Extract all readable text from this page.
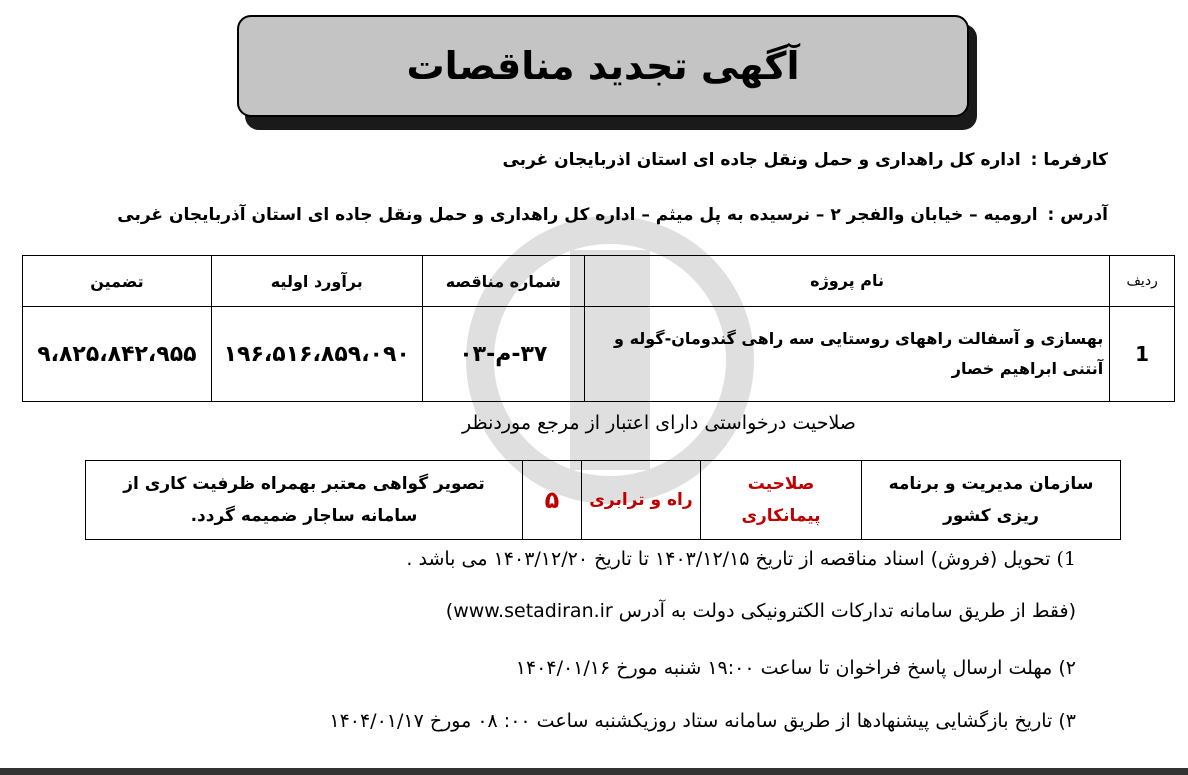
آگهی تجدید مناقصات
کارفرما : اداره کل راهداری و حمل ونقل جاده ای استان اذربایجان غربی
آدرس : ارومیه – خیابان والفجر ۲ – نرسیده به پل میثم – اداره کل راهداری و حمل ونقل جاده ای استان آذربایجان غربی
ردیف	نام پروژه	شماره مناقصه	برآورد اولیه	تضمین
1	بهسازی و آسفالت راههای روستایی سه راهی گندومان-گوله و آنتنی ابراهیم خصار	۳۷-م-۰۳	۱۹۶،۵۱۶،۸۵۹،۰۹۰	۹،۸۲۵،۸۴۲،۹۵۵
صلاحیت درخواستی دارای اعتبار از مرجع موردنظر
سازمان مدیریت و برنامه ریزی کشور	صلاحیت پیمانکاری	راه و ترابری	۵	تصویر گواهی معتبر بهمراه ظرفیت کاری از سامانه ساجار ضمیمه گردد.
1) تحویل (فروش) اسناد مناقصه از تاریخ ۱۴۰۳/۱۲/۱۵ تا تاریخ ۱۴۰۳/۱۲/۲۰ می باشد .
(فقط از طریق سامانه تدارکات الکترونیکی دولت به آدرس www.setadiran.ir)
۲) مهلت ارسال پاسخ فراخوان تا ساعت ۱۹:۰۰ شنبه مورخ ۱۴۰۴/۰۱/۱۶
۳) تاریخ بازگشایی پیشنهادها از طریق سامانه ستاد روزیکشنبه ساعت ۰۰: ۰۸ مورخ ۱۴۰۴/۰۱/۱۷
